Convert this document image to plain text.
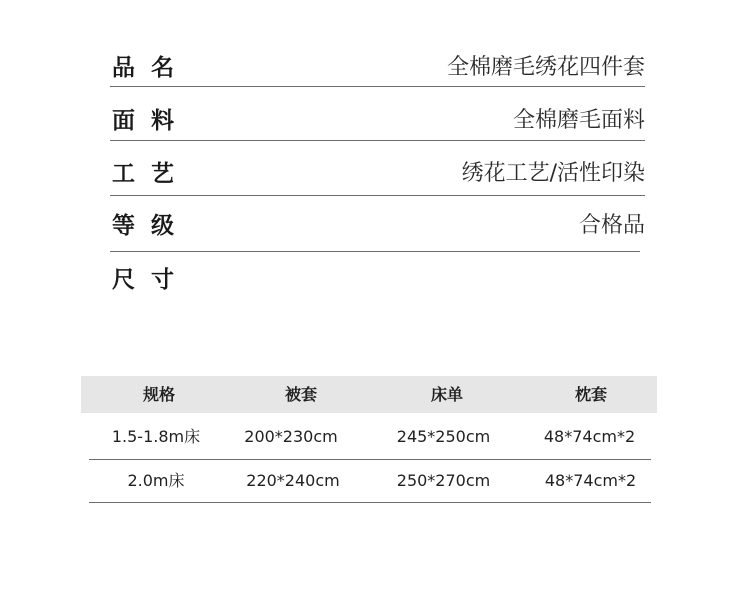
品  名	全棉磨毛绣花四件套
面  料	全棉磨毛面料
工  艺	绣花工艺/活性印染
等  级	合格品
尺  寸
规格	被套	床单	枕套
1.5-1.8m床	200*230cm	245*250cm	48*74cm*2
2.0m床	220*240cm	250*270cm	48*74cm*2
